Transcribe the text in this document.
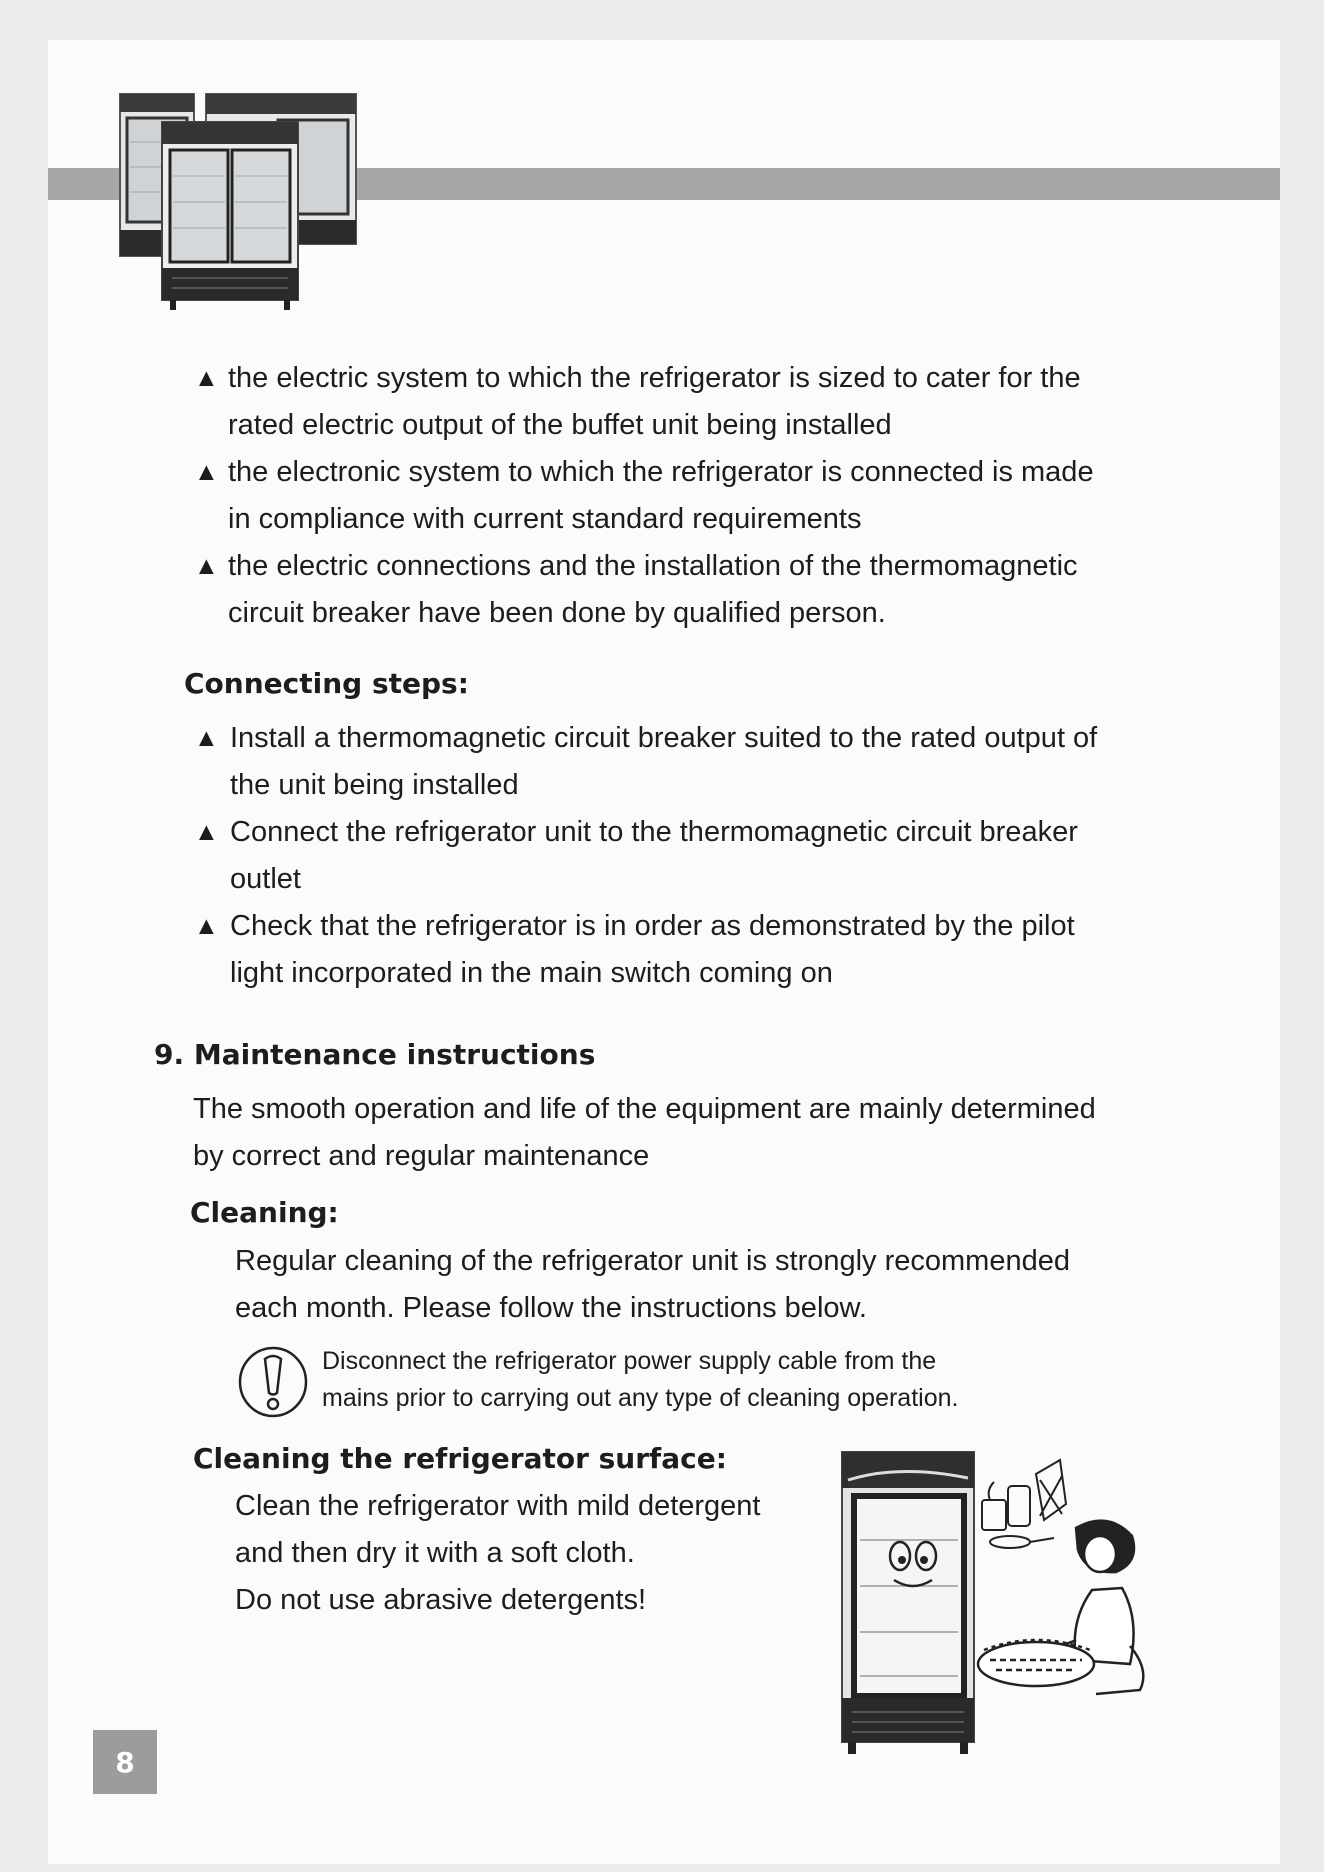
▲ the electric system to which the refrigerator is sized to cater for the
rated electric output of the buffet unit being installed
▲ the electronic system to which the refrigerator is connected is made
in compliance with current standard requirements
▲ the electric connections and the installation of the thermomagnetic
circuit breaker have been done by qualified person.
Connecting steps:
▲ Install a thermomagnetic circuit breaker suited to the rated output of
the unit being installed
▲ Connect the refrigerator unit to the thermomagnetic circuit breaker
outlet
▲ Check that the refrigerator is in order as demonstrated by the pilot
light incorporated in the main switch coming on
9. Maintenance instructions
The smooth operation and life of the equipment are mainly determined
by correct and regular maintenance
Cleaning:
Regular cleaning of the refrigerator unit is strongly recommended
each month. Please follow the instructions below.
Disconnect the refrigerator power supply cable from the
mains prior to carrying out any type of cleaning operation.
Cleaning the refrigerator surface:
Clean the refrigerator with mild detergent
and then dry it with a soft cloth.
Do not use abrasive detergents!
8
